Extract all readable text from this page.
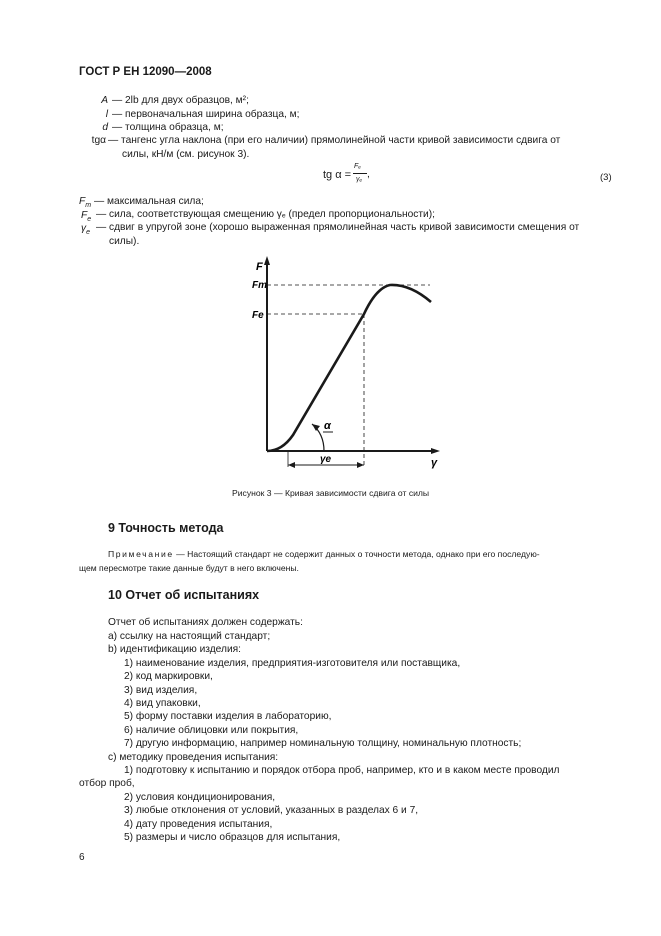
ГОСТ Р ЕН 12090—2008
A — 2lb для двух образцов, м²;
l — первоначальная ширина образца, м;
d — толщина образца, м;
tgα — тангенс угла наклона (при его наличии) прямолинейной части кривой зависимости сдвига от
силы, кН/м (см. рисунок 3).
tg α =
Fₑ
γₑ ,	(3)
$F_m$ — максимальная сила;
$F_e$ — сила, соответствующая смещению γₑ (предел пропорциональности);
$\gamma_e$ — сдвиг в упругой зоне (хорошо выраженная прямолинейная часть кривой зависимости смещения от
силы).
F
Fm
Fe
α
γe	γ
Рисунок 3 — Кривая зависимости сдвига от силы
9 Точность метода
Примечание — Настоящий стандарт не содержит данных о точности метода, однако при его последую-
щем пересмотре такие данные будут в него включены.
10 Отчет об испытаниях
Отчет об испытаниях должен содержать:
a) ссылку на настоящий стандарт;
b) идентификацию изделия:
1) наименование изделия, предприятия-изготовителя или поставщика,
2) код маркировки,
3) вид изделия,
4) вид упаковки,
5) форму поставки изделия в лабораторию,
6) наличие облицовки или покрытия,
7) другую информацию, например номинальную толщину, номинальную плотность;
c) методику проведения испытания:
1) подготовку к испытанию и порядок отбора проб, например, кто и в каком месте проводил
отбор проб,
2) условия кондиционирования,
3) любые отклонения от условий, указанных в разделах 6 и 7,
4) дату проведения испытания,
5) размеры и число образцов для испытания,
6
